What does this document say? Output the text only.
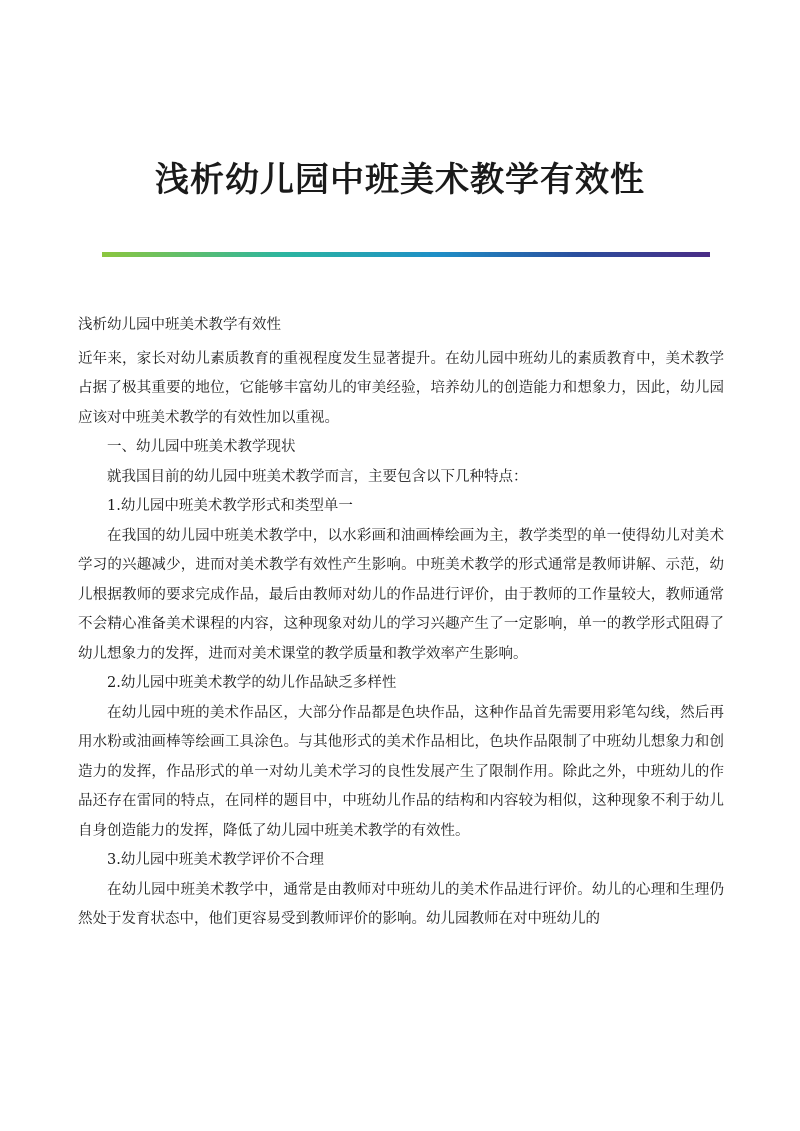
浅析幼儿园中班美术教学有效性

浅析幼儿园中班美术教学有效性

近年来，家长对幼儿素质教育的重视程度发生显著提升。在幼儿园中班幼儿的素质教育中，美术教学占据了极其重要的地位，它能够丰富幼儿的审美经验，培养幼儿的创造能力和想象力，因此，幼儿园应该对中班美术教学的有效性加以重视。

一、幼儿园中班美术教学现状

就我国目前的幼儿园中班美术教学而言，主要包含以下几种特点：

1.幼儿园中班美术教学形式和类型单一

在我国的幼儿园中班美术教学中，以水彩画和油画棒绘画为主，教学类型的单一使得幼儿对美术学习的兴趣减少，进而对美术教学有效性产生影响。中班美术教学的形式通常是教师讲解、示范，幼儿根据教师的要求完成作品，最后由教师对幼儿的作品进行评价，由于教师的工作量较大，教师通常不会精心准备美术课程的内容，这种现象对幼儿的学习兴趣产生了一定影响，单一的教学形式阻碍了幼儿想象力的发挥，进而对美术课堂的教学质量和教学效率产生影响。

2.幼儿园中班美术教学的幼儿作品缺乏多样性

在幼儿园中班的美术作品区，大部分作品都是色块作品，这种作品首先需要用彩笔勾线，然后再用水粉或油画棒等绘画工具涂色。与其他形式的美术作品相比，色块作品限制了中班幼儿想象力和创造力的发挥，作品形式的单一对幼儿美术学习的良性发展产生了限制作用。除此之外，中班幼儿的作品还存在雷同的特点，在同样的题目中，中班幼儿作品的结构和内容较为相似，这种现象不利于幼儿自身创造能力的发挥，降低了幼儿园中班美术教学的有效性。

3.幼儿园中班美术教学评价不合理

在幼儿园中班美术教学中，通常是由教师对中班幼儿的美术作品进行评价。幼儿的心理和生理仍然处于发育状态中，他们更容易受到教师评价的影响。幼儿园教师在对中班幼儿的
